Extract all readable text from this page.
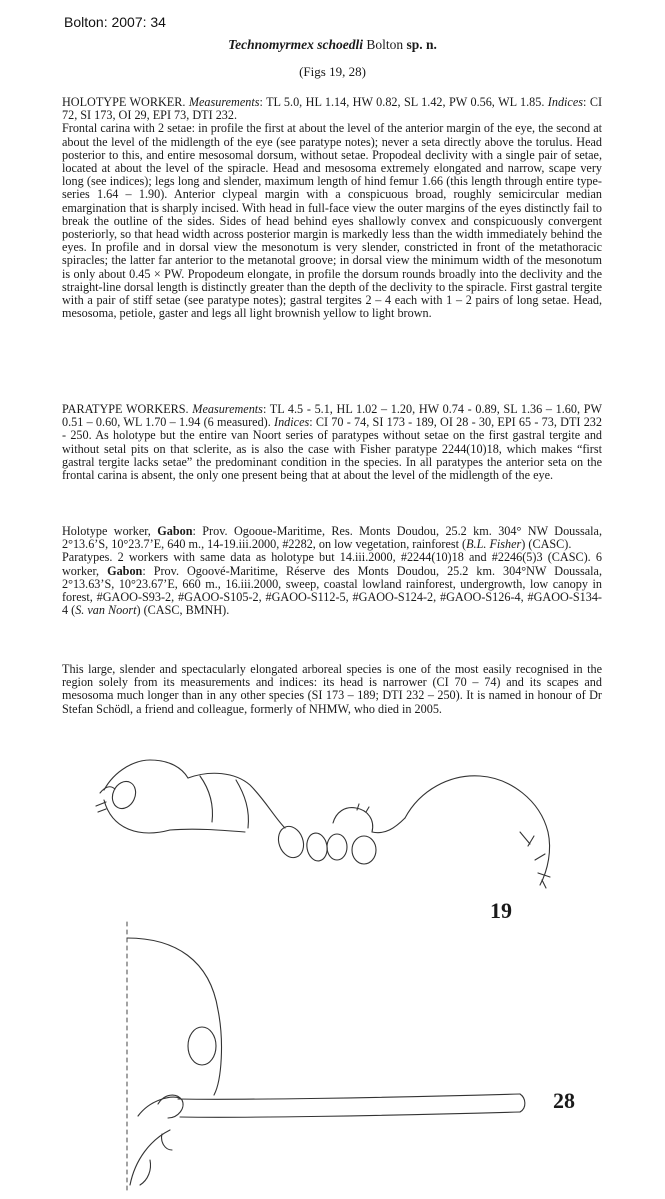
Bolton: 2007: 34
Technomyrmex schoedli Bolton sp. n.
(Figs 19, 28)

HOLOTYPE WORKER. Measurements: TL 5.0, HL 1.14, HW 0.82, SL 1.42, PW 0.56, WL 1.85. Indices: CI 72, SI 173, OI 29, EPI 73, DTI 232.
Frontal carina with 2 setae: in profile the first at about the level of the anterior margin of the eye, the second at about the level of the midlength of the eye (see paratype notes); never a seta directly above the torulus. Head posterior to this, and entire mesosomal dorsum, without setae. Propodeal declivity with a single pair of setae, located at about the level of the spiracle. Head and mesosoma extremely elongated and narrow, scape very long (see indices); legs long and slender, maximum length of hind femur 1.66 (this length through entire type-series 1.64 – 1.90). Anterior clypeal margin with a conspicuous broad, roughly semicircular median emargination that is sharply incised. With head in full-face view the outer margins of the eyes distinctly fail to break the outline of the sides. Sides of head behind eyes shallowly convex and conspicuously convergent posteriorly, so that head width across posterior margin is markedly less than the width immediately behind the eyes. In profile and in dorsal view the mesonotum is very slender, constricted in front of the metathoracic spiracles; the latter far anterior to the metanotal groove; in dorsal view the minimum width of the mesonotum is only about 0.45 × PW. Propodeum elongate, in profile the dorsum rounds broadly into the declivity and the straight-line dorsal length is distinctly greater than the depth of the declivity to the spiracle. First gastral tergite with a pair of stiff setae (see paratype notes); gastral tergites 2 – 4 each with 1 – 2 pairs of long setae. Head, mesosoma, petiole, gaster and legs all light brownish yellow to light brown.

PARATYPE WORKERS. Measurements: TL 4.5 - 5.1, HL 1.02 – 1.20, HW 0.74 - 0.89, SL 1.36 – 1.60, PW 0.51 – 0.60, WL 1.70 – 1.94 (6 measured). Indices: CI 70 - 74, SI 173 - 189, OI 28 - 30, EPI 65 - 73, DTI 232 - 250. As holotype but the entire van Noort series of paratypes without setae on the first gastral tergite and without setal pits on that sclerite, as is also the case with Fisher paratype 2244(10)18, which makes “first gastral tergite lacks setae” the predominant condition in the species. In all paratypes the anterior seta on the frontal carina is absent, the only one present being that at about the level of the midlength of the eye.

Holotype worker, Gabon: Prov. Ogooue-Maritime, Res. Monts Doudou, 25.2 km. 304° NW Doussala, 2°13.6’S, 10°23.7’E, 640 m., 14-19.iii.2000, #2282, on low vegetation, rainforest (B.L. Fisher) (CASC).

Paratypes. 2 workers with same data as holotype but 14.iii.2000, #2244(10)18 and #2246(5)3 (CASC). 6 worker, Gabon: Prov. Ogoové-Maritime, Réserve des Monts Doudou, 25.2 km. 304°NW Doussala, 2°13.63’S, 10°23.67’E, 660 m., 16.iii.2000, sweep, coastal lowland rainforest, undergrowth, low canopy in forest, #GAOO-S93-2, #GAOO-S105-2, #GAOO-S112-5, #GAOO-S124-2, #GAOO-S126-4, #GAOO-S134-4 (S. van Noort) (CASC, BMNH).

This large, slender and spectacularly elongated arboreal species is one of the most easily recognised in the region solely from its measurements and indices: its head is narrower (CI 70 – 74) and its scapes and mesosoma much longer than in any other species (SI 173 – 189; DTI 232 – 250). It is named in honour of Dr Stefan Schödl, a friend and colleague, formerly of NHMW, who died in 2005.

19
28
